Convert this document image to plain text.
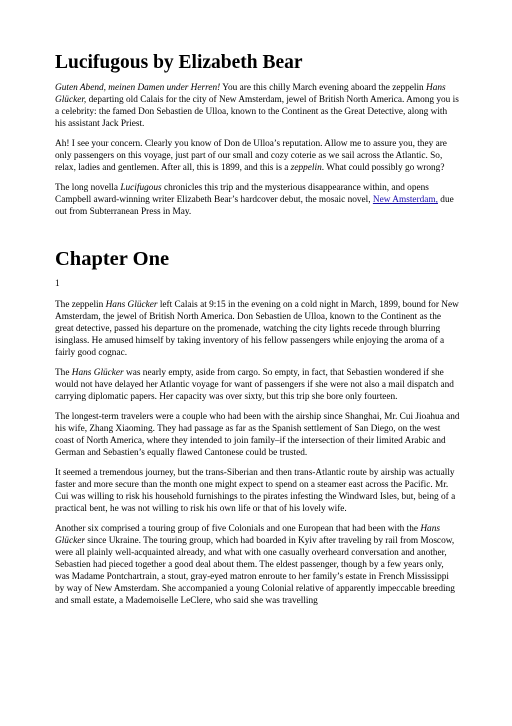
Lucifugous by Elizabeth Bear

Guten Abend, meinen Damen under Herren! You are this chilly March evening aboard the zeppelin Hans Glücker, departing old Calais for the city of New Amsterdam, jewel of British North America. Among you is a celebrity: the famed Don Sebastien de Ulloa, known to the Continent as the Great Detective, along with his assistant Jack Priest.

Ah! I see your concern. Clearly you know of Don de Ulloa’s reputation. Allow me to assure you, they are only passengers on this voyage, just part of our small and cozy coterie as we sail across the Atlantic. So, relax, ladies and gentlemen. After all, this is 1899, and this is a zeppelin. What could possibly go wrong?

The long novella Lucifugous chronicles this trip and the mysterious disappearance within, and opens Campbell award-winning writer Elizabeth Bear’s hardcover debut, the mosaic novel, New Amsterdam, due out from Subterranean Press in May.

Chapter One

1

The zeppelin Hans Glücker left Calais at 9:15 in the evening on a cold night in March, 1899, bound for New Amsterdam, the jewel of British North America. Don Sebastien de Ulloa, known to the Continent as the great detective, passed his departure on the promenade, watching the city lights recede through blurring isinglass. He amused himself by taking inventory of his fellow passengers while enjoying the aroma of a fairly good cognac.

The Hans Glücker was nearly empty, aside from cargo. So empty, in fact, that Sebastien wondered if she would not have delayed her Atlantic voyage for want of passengers if she were not also a mail dispatch and carrying diplomatic papers. Her capacity was over sixty, but this trip she bore only fourteen.

The longest-term travelers were a couple who had been with the airship since Shanghai, Mr. Cui Jioahua and his wife, Zhang Xiaoming. They had passage as far as the Spanish settlement of San Diego, on the west coast of North America, where they intended to join family–if the intersection of their limited Arabic and German and Sebastien’s equally flawed Cantonese could be trusted.

It seemed a tremendous journey, but the trans-Siberian and then trans-Atlantic route by airship was actually faster and more secure than the month one might expect to spend on a steamer east across the Pacific. Mr. Cui was willing to risk his household furnishings to the pirates infesting the Windward Isles, but, being of a practical bent, he was not willing to risk his own life or that of his lovely wife.

Another six comprised a touring group of five Colonials and one European that had been with the Hans Glücker since Ukraine. The touring group, which had boarded in Kyiv after traveling by rail from Moscow, were all plainly well-acquainted already, and what with one casually overheard conversation and another, Sebastien had pieced together a good deal about them. The eldest passenger, though by a few years only, was Madame Pontchartrain, a stout, gray-eyed matron enroute to her family’s estate in French Mississippi by way of New Amsterdam. She accompanied a young Colonial relative of apparently impeccable breeding and small estate, a Mademoiselle LeClere, who said she was travelling
